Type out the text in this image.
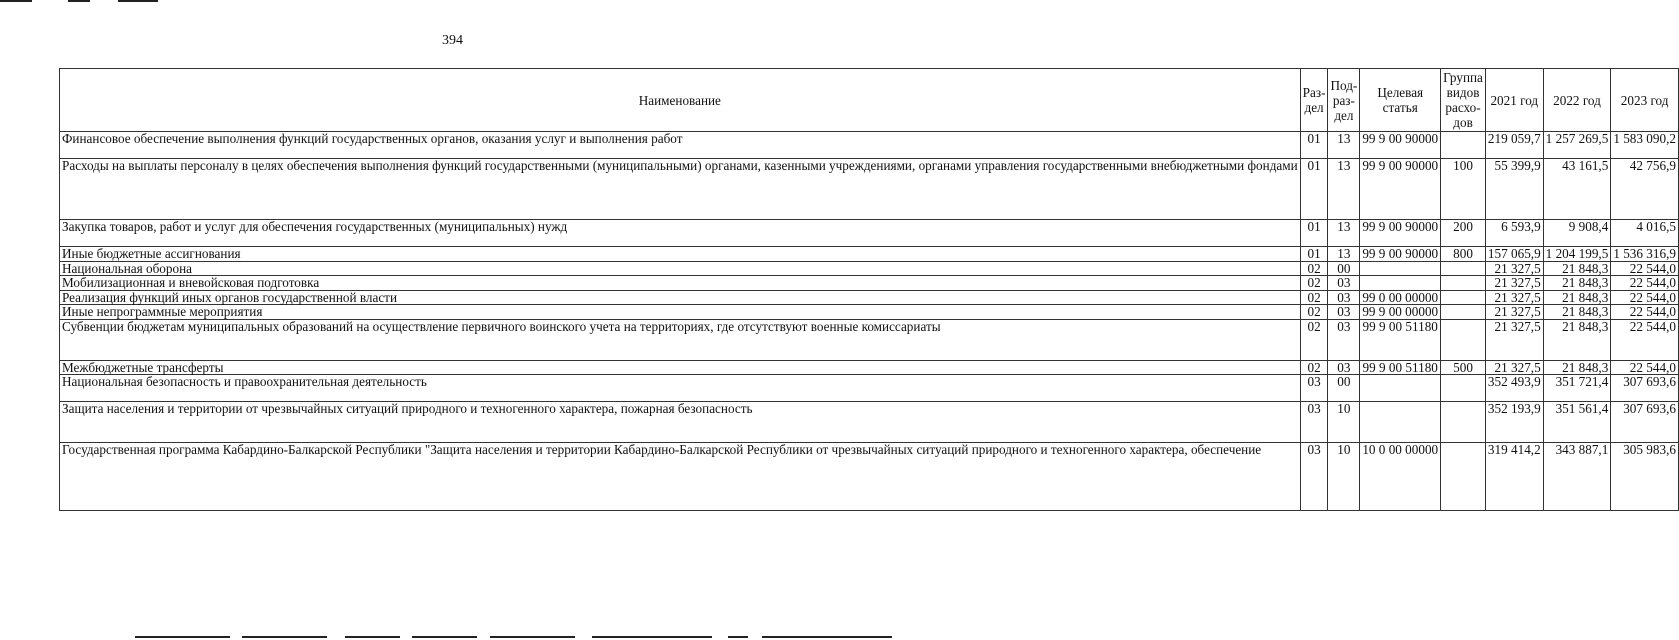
394
Наименование	Раз-дел	Под-раз-дел	Целевая статья	Группа видов расхо-дов	2021 год	2022 год	2023 год
Финансовое обеспечение выполнения функций государственных органов, оказания услуг и выполнения работ	01	13	99 9 00 90000		219 059,7	1 257 269,5	1 583 090,2
Расходы на выплаты персоналу в целях обеспечения выполнения функций государственными (муниципальными) органами, казенными учреждениями, органами управления государственными внебюджетными фондами	01	13	99 9 00 90000	100	55 399,9	43 161,5	42 756,9
Закупка товаров, работ и услуг для обеспечения государственных (муниципальных) нужд	01	13	99 9 00 90000	200	6 593,9	9 908,4	4 016,5
Иные бюджетные ассигнования	01	13	99 9 00 90000	800	157 065,9	1 204 199,5	1 536 316,9
Национальная оборона	02	00			21 327,5	21 848,3	22 544,0
Мобилизационная и вневойсковая подготовка	02	03			21 327,5	21 848,3	22 544,0
Реализация функций иных органов государственной власти	02	03	99 0 00 00000		21 327,5	21 848,3	22 544,0
Иные непрограммные мероприятия	02	03	99 9 00 00000		21 327,5	21 848,3	22 544,0
Субвенции бюджетам муниципальных образований на осуществление первичного воинского учета на территориях, где отсутствуют военные комиссариаты	02	03	99 9 00 51180		21 327,5	21 848,3	22 544,0
Межбюджетные трансферты	02	03	99 9 00 51180	500	21 327,5	21 848,3	22 544,0
Национальная безопасность и правоохранительная деятельность	03	00			352 493,9	351 721,4	307 693,6
Защита населения и территории от чрезвычайных ситуаций природного и техногенного характера, пожарная безопасность	03	10			352 193,9	351 561,4	307 693,6
Государственная программа Кабардино-Балкарской Республики "Защита населения и территории Кабардино-Балкарской Республики от чрезвычайных ситуаций природного и техногенного характера, обеспечение	03	10	10 0 00 00000		319 414,2	343 887,1	305 983,6
